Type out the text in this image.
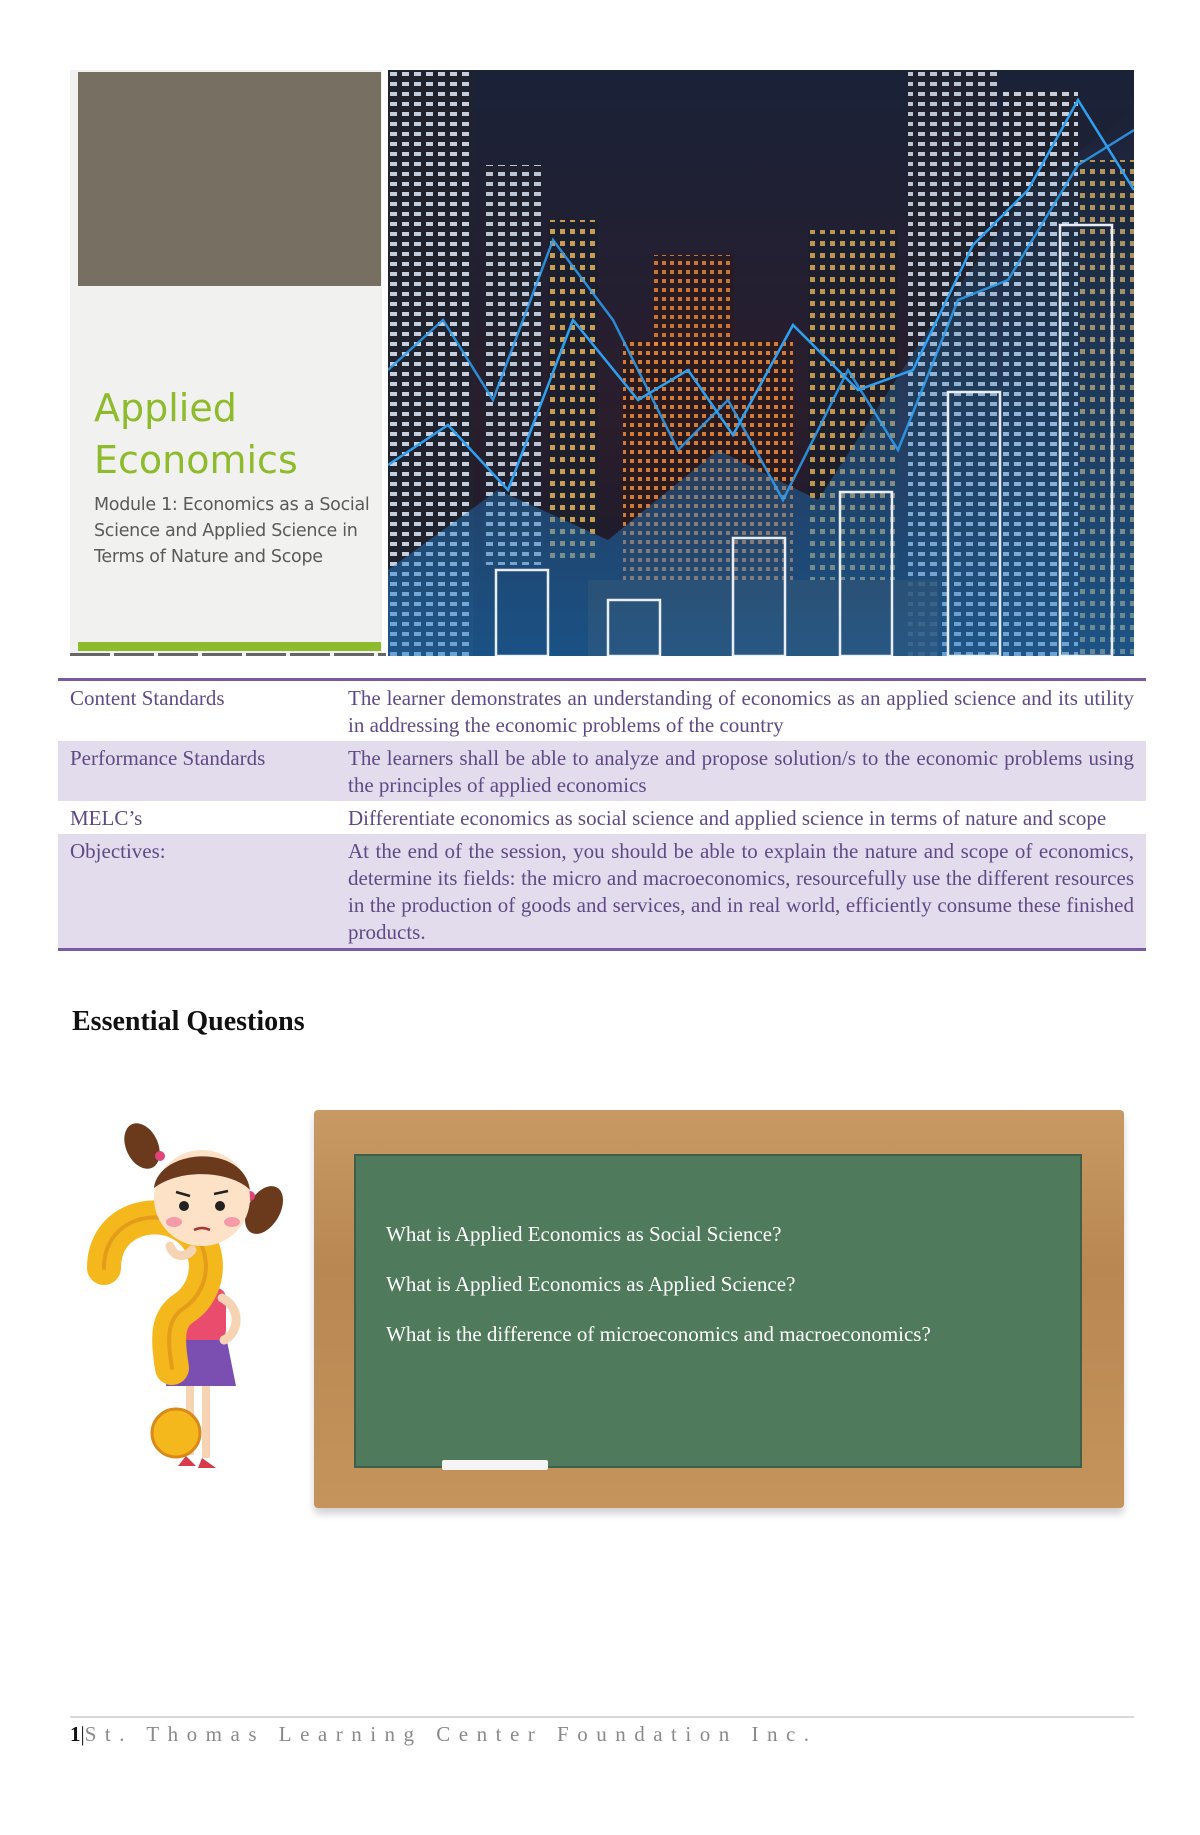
Applied
Economics
Module 1: Economics as a Social Science and Applied Science in Terms of Nature and Scope
Content Standards	The learner demonstrates an understanding of economics as an applied science and its utility in addressing the economic problems of the country
Performance Standards	The learners shall be able to analyze and propose solution/s to the economic problems using the principles of applied economics
MELC’s	Differentiate economics as social science and applied science in terms of nature and scope
Objectives:	At the end of the session, you should be able to explain the nature and scope of economics, determine its fields: the micro and macroeconomics, resourcefully use the different resources in the production of goods and services, and in real world, efficiently consume these finished products.
Essential Questions

What is Applied Economics as Social Science?

What is Applied Economics as Applied Science?

What is the difference of microeconomics and macroeconomics?

1|St. Thomas Learning Center Foundation Inc.
